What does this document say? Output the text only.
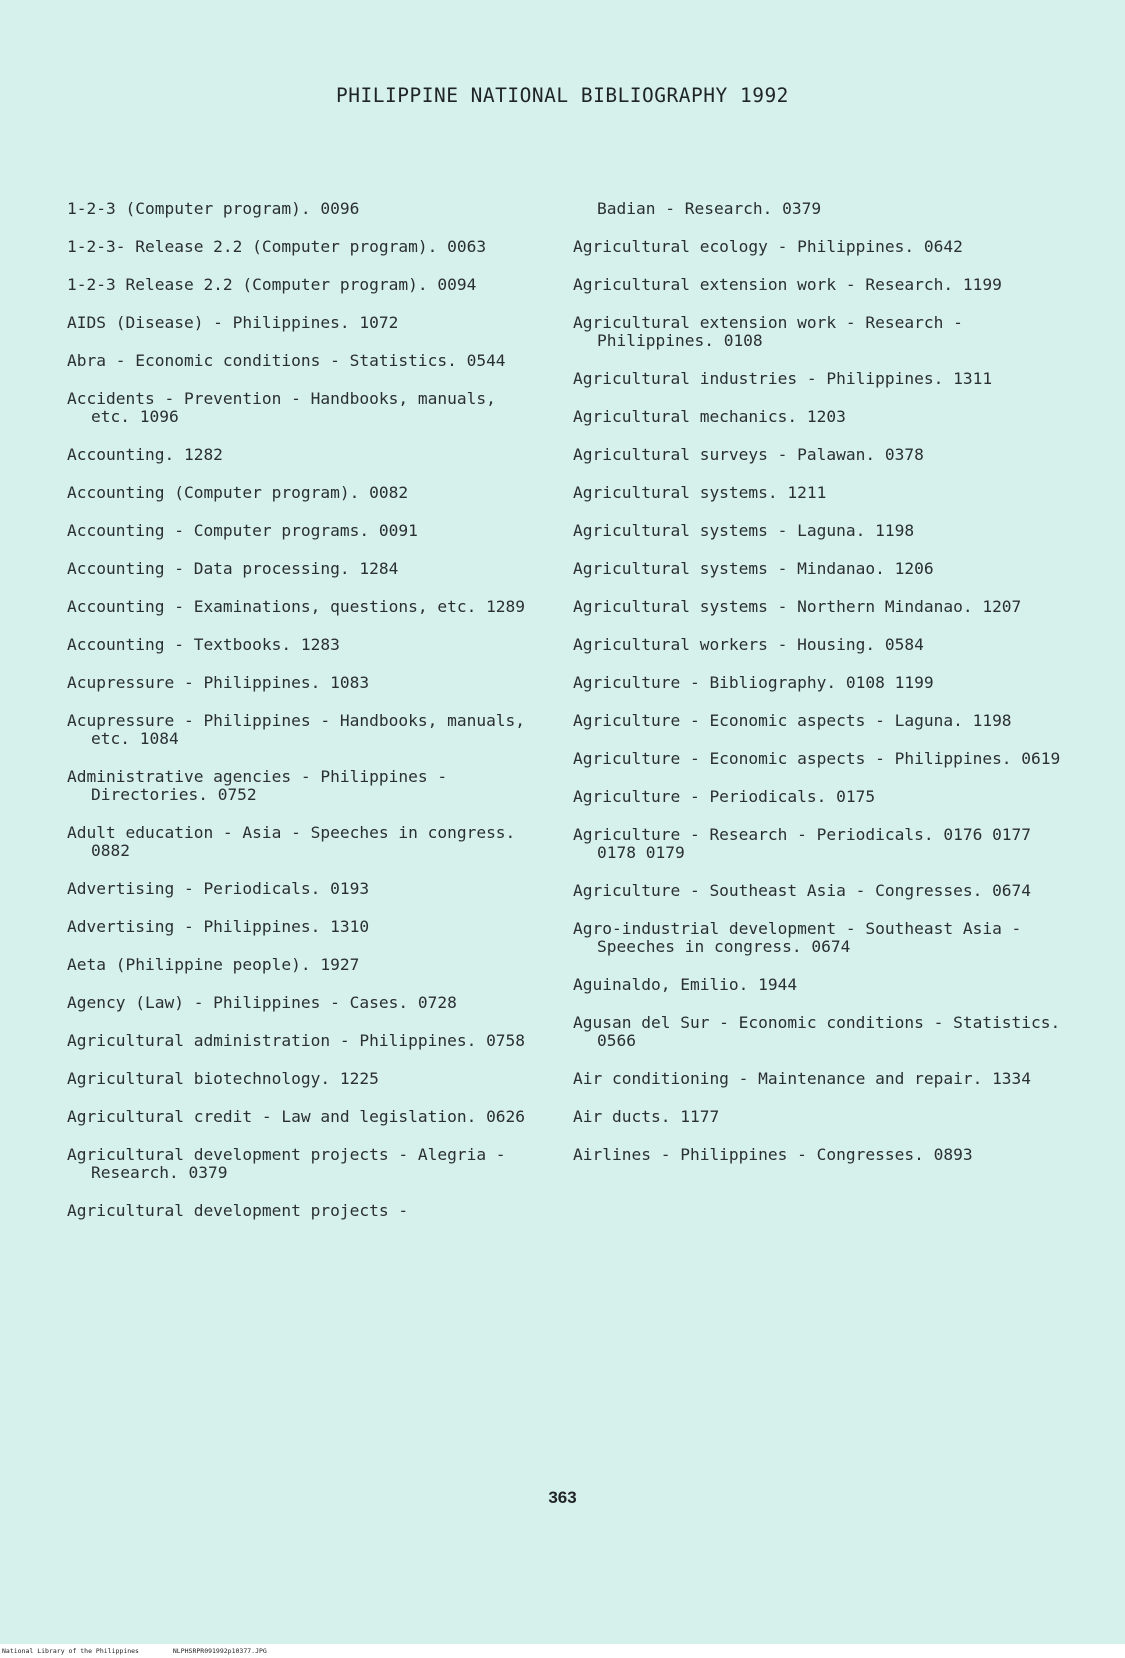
PHILIPPINE NATIONAL BIBLIOGRAPHY 1992
1-2-3 (Computer program). 0096
1-2-3- Release 2.2 (Computer program). 0063
1-2-3 Release 2.2 (Computer program). 0094
AIDS (Disease) - Philippines. 1072
Abra - Economic conditions - Statistics. 0544
Accidents - Prevention - Handbooks, manuals, etc. 1096
Accounting. 1282
Accounting (Computer program). 0082
Accounting - Computer programs. 0091
Accounting - Data processing. 1284
Accounting - Examinations, questions, etc. 1289
Accounting - Textbooks. 1283
Acupressure - Philippines. 1083
Acupressure - Philippines - Handbooks, manuals, etc. 1084
Administrative agencies - Philippines - Directories. 0752
Adult education - Asia - Speeches in congress. 0882
Advertising - Periodicals. 0193
Advertising - Philippines. 1310
Aeta (Philippine people). 1927
Agency (Law) - Philippines - Cases. 0728
Agricultural administration - Philippines. 0758
Agricultural biotechnology. 1225
Agricultural credit - Law and legislation. 0626
Agricultural development projects - Alegria - Research. 0379
Agricultural development projects -
Badian - Research. 0379
Agricultural ecology - Philippines. 0642
Agricultural extension work - Research. 1199
Agricultural extension work - Research - Philippines. 0108
Agricultural industries - Philippines. 1311
Agricultural mechanics. 1203
Agricultural surveys - Palawan. 0378
Agricultural systems. 1211
Agricultural systems - Laguna. 1198
Agricultural systems - Mindanao. 1206
Agricultural systems - Northern Mindanao. 1207
Agricultural workers - Housing. 0584
Agriculture - Bibliography. 0108 1199
Agriculture - Economic aspects - Laguna. 1198
Agriculture - Economic aspects - Philippines. 0619
Agriculture - Periodicals. 0175
Agriculture - Research - Periodicals. 0176 0177 0178 0179
Agriculture - Southeast Asia - Congresses. 0674
Agro-industrial development - Southeast Asia - Speeches in congress. 0674
Aguinaldo, Emilio. 1944
Agusan del Sur - Economic conditions - Statistics. 0566
Air conditioning - Maintenance and repair. 1334
Air ducts. 1177
Airlines - Philippines - Congresses. 0893
363
National Library of the Philippines	NLPHSRPR091992p10377.JPG
